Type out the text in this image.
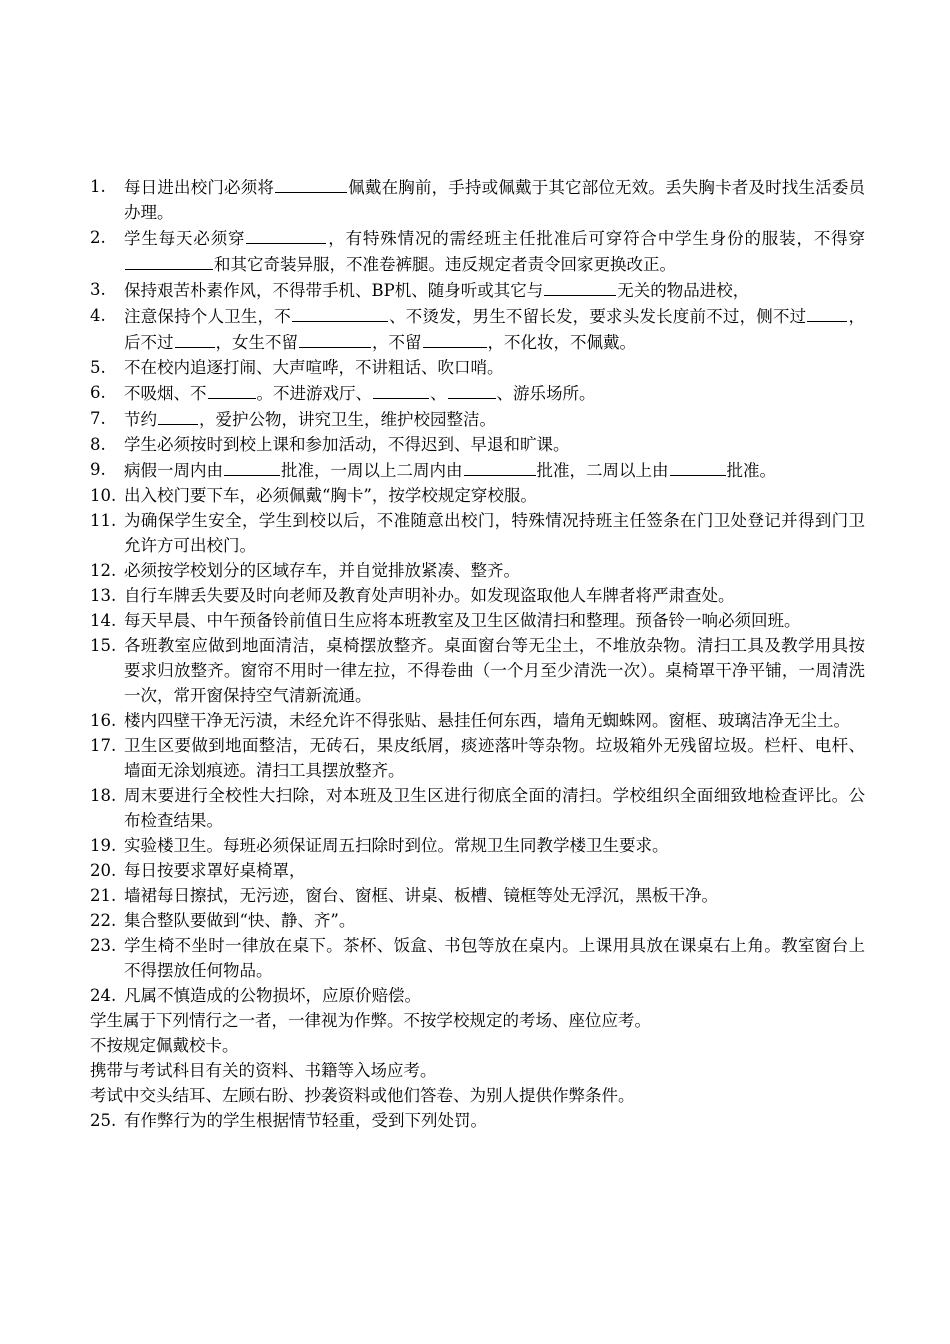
1.	每日进出校门必须将	佩戴在胸前，手持或佩戴于其它部位无效。丢失胸卡者及时找生活委员办理。
2.	学生每天必须穿	，有特殊情况的需经班主任批准后可穿符合中学生身份的服装，不得穿和其它奇装异服，不准卷裤腿。违反规定者责令回家更换改正。
3.	保持艰苦朴素作风，不得带手机、BP机、随身听或其它与	无关的物品进校，
4.	注意保持个人卫生，不	、不烫发，男生不留长发，要求头发长度前不过，侧不过	，后不过	，女生不留	，不留	，不化妆，不佩戴。
5.	不在校内追逐打闹、大声喧哗，不讲粗话、吹口哨。
6.	不吸烟、不	。不进游戏厅、	、	、游乐场所。
7.	节约	，爱护公物，讲究卫生，维护校园整洁。
8.	学生必须按时到校上课和参加活动，不得迟到、早退和旷课。
9.	病假一周内由	批准，一周以上二周内由	批准，二周以上由	批准。
10. 出入校门要下车，必须佩戴“胸卡”，按学校规定穿校服。
11. 为确保学生安全，学生到校以后，不准随意出校门，特殊情况持班主任签条在门卫处登记并得到门卫允许方可出校门。
12. 必须按学校划分的区域存车，并自觉排放紧凑、整齐。
13. 自行车牌丢失要及时向老师及教育处声明补办。如发现盗取他人车牌者将严肃查处。
14. 每天早晨、中午预备铃前值日生应将本班教室及卫生区做清扫和整理。预备铃一响必须回班。
15. 各班教室应做到地面清洁，桌椅摆放整齐。桌面窗台等无尘土，不堆放杂物。清扫工具及教学用具按要求归放整齐。窗帘不用时一律左拉，不得卷曲（一个月至少清洗一次）。桌椅罩干净平铺，一周清洗一次，常开窗保持空气清新流通。
16. 楼内四壁干净无污渍，未经允许不得张贴、悬挂任何东西，墙角无蜘蛛网。窗框、玻璃洁净无尘土。
17. 卫生区要做到地面整洁，无砖石，果皮纸屑，痰迹落叶等杂物。垃圾箱外无残留垃圾。栏杆、电杆、墙面无涂划痕迹。清扫工具摆放整齐。
18. 周末要进行全校性大扫除，对本班及卫生区进行彻底全面的清扫。学校组织全面细致地检查评比。公布检查结果。
19. 实验楼卫生。每班必须保证周五扫除时到位。常规卫生同教学楼卫生要求。
20. 每日按要求罩好桌椅罩，
21. 墙裙每日擦拭，无污迹，窗台、窗框、讲桌、板槽、镜框等处无浮沉，黑板干净。
22. 集合整队要做到“快、静、齐”。
23. 学生椅不坐时一律放在桌下。茶杯、饭盒、书包等放在桌内。上课用具放在课桌右上角。教室窗台上不得摆放任何物品。
24. 凡属不慎造成的公物损坏，应原价赔偿。
学生属于下列情行之一者，一律视为作弊。不按学校规定的考场、座位应考。
不按规定佩戴校卡。
携带与考试科目有关的资料、书籍等入场应考。
考试中交头结耳、左顾右盼、抄袭资料或他们答卷、为别人提供作弊条件。
25. 有作弊行为的学生根据情节轻重，受到下列处罚。
